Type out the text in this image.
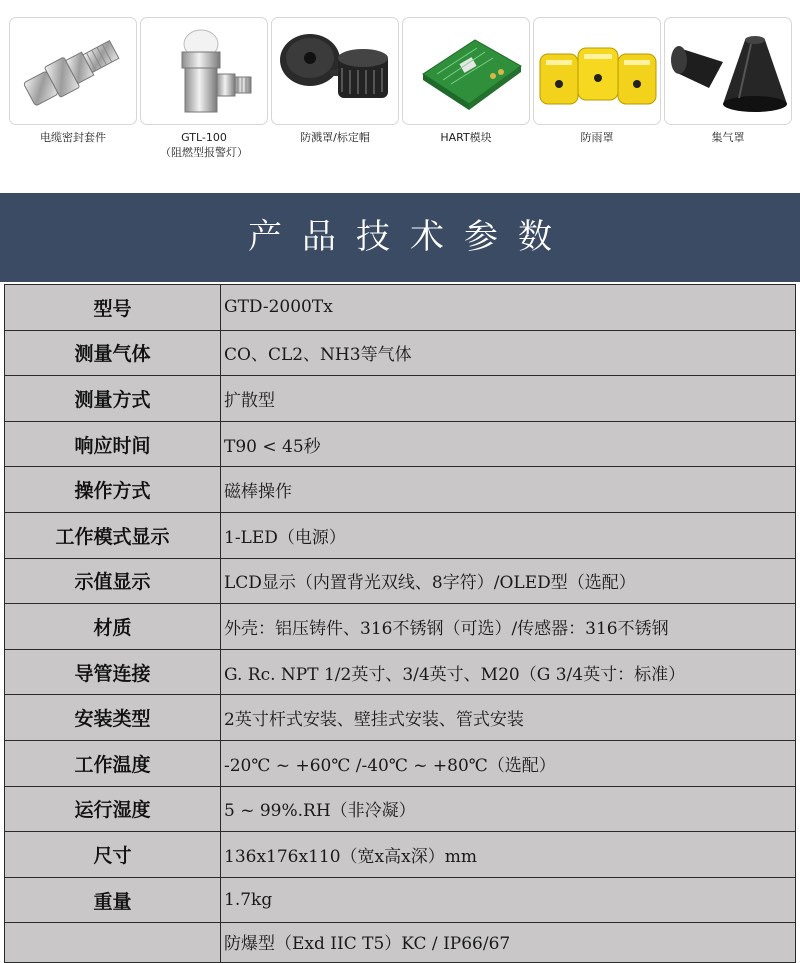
电缆密封套件	GTL-100
（阻燃型报警灯）
防溅罩/标定帽	HART模块	防雨罩	集气罩
产品技术参数
型号	GTD-2000Tx
测量气体	CO、CL2、NH3等气体
测量方式	扩散型
响应时间	T90 < 45秒
操作方式	磁棒操作
工作模式显示	1-LED（电源）
示值显示	LCD显示（内置背光双线、8字符）/OLED型（选配）
材质	外壳：铝压铸件、316不锈钢（可选）/传感器：316不锈钢
导管连接	G. Rc. NPT 1/2英寸、3/4英寸、M20（G 3/4英寸：标准）
安装类型	2英寸杆式安装、壁挂式安装、管式安装
工作温度	-20℃ ~ +60℃ /-40℃ ~ +80℃（选配）
运行湿度	5 ~ 99%.RH（非冷凝）
尺寸	136x176x110（宽x高x深）mm
重量	1.7kg
	防爆型（Exd IIC T5）KC / IP66/67
